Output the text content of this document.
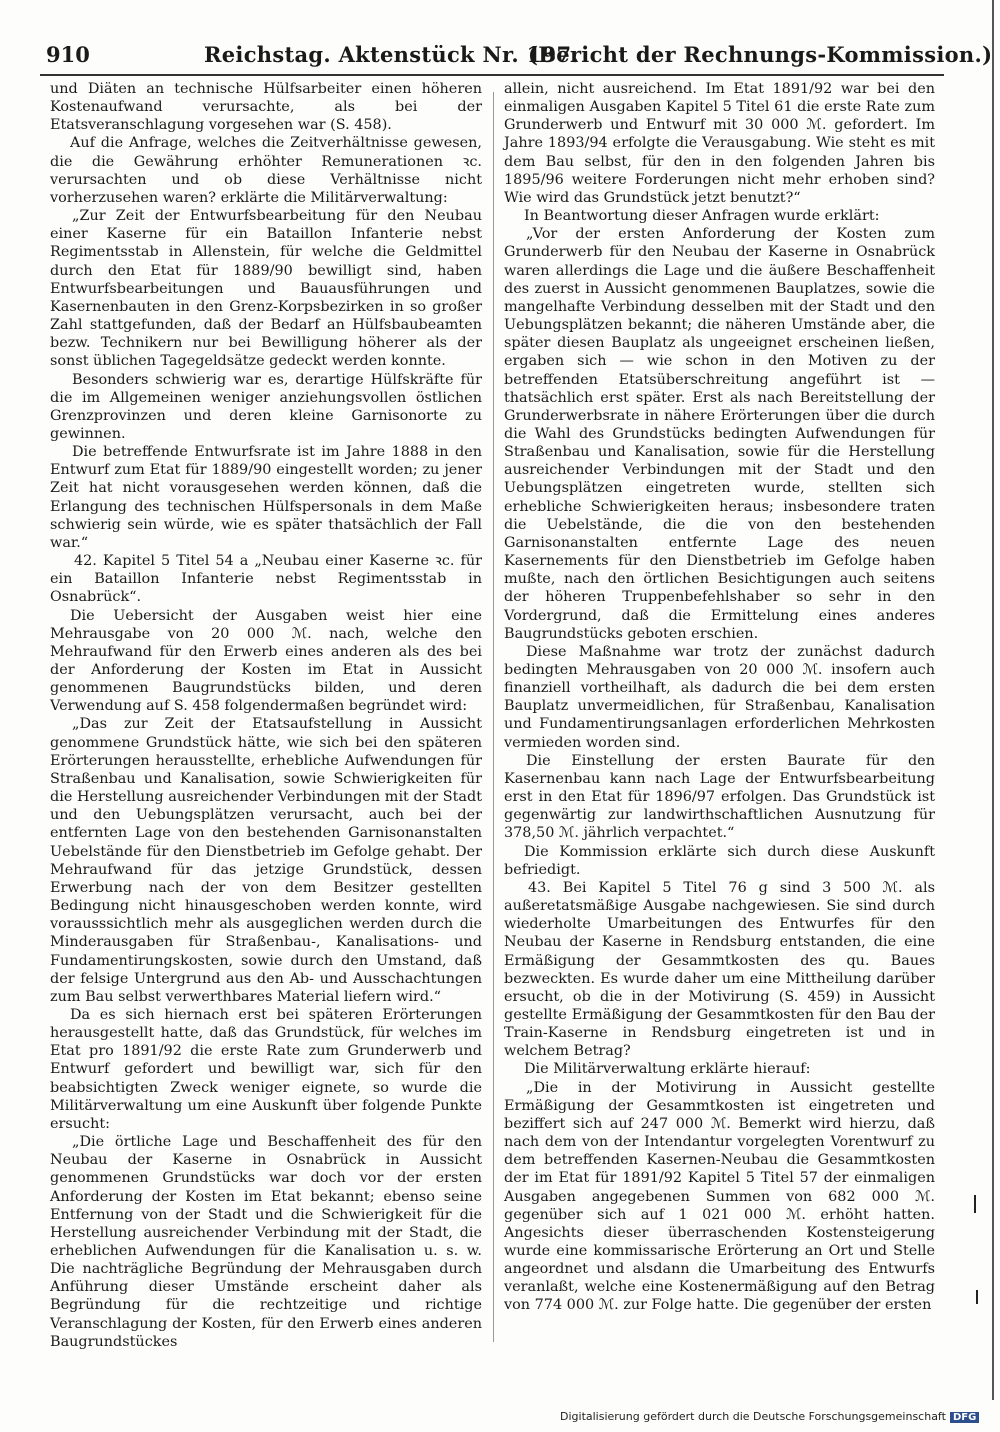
910	Reichstag. Aktenstück Nr. 197.
(Bericht der Rechnungs-Kommission.)

und Diäten an technische Hülfsarbeiter einen höheren Kostenaufwand verursachte, als bei der Etatsveranschlagung vorgesehen war (S. 458).

Auf die Anfrage, welches die Zeitverhältnisse gewesen, die die Gewährung erhöhter Remunerationen ꝛc. verursachten und ob diese Verhältnisse nicht vorherzusehen waren? erklärte die Militärverwaltung:

„Zur Zeit der Entwurfsbearbeitung für den Neubau einer Kaserne für ein Bataillon Infanterie nebst Regimentsstab in Allenstein, für welche die Geldmittel durch den Etat für 1889/90 bewilligt sind, haben Entwurfsbearbeitungen und Bauausführungen und Kasernenbauten in den Grenz-Korpsbezirken in so großer Zahl stattgefunden, daß der Bedarf an Hülfsbaubeamten bezw. Technikern nur bei Bewilligung höherer als der sonst üblichen Tagegeldsätze gedeckt werden konnte.

Besonders schwierig war es, derartige Hülfskräfte für die im Allgemeinen weniger anziehungsvollen östlichen Grenzprovinzen und deren kleine Garnisonorte zu gewinnen.

Die betreffende Entwurfsrate ist im Jahre 1888 in den Entwurf zum Etat für 1889/90 eingestellt worden; zu jener Zeit hat nicht vorausgesehen werden können, daß die Erlangung des technischen Hülfspersonals in dem Maße schwierig sein würde, wie es später thatsächlich der Fall war.“

42. Kapitel 5 Titel 54 a „Neubau einer Kaserne ꝛc. für ein Bataillon Infanterie nebst Regimentsstab in Osnabrück“.

Die Uebersicht der Ausgaben weist hier eine Mehrausgabe von 20 000 ℳ. nach, welche den Mehraufwand für den Erwerb eines anderen als des bei der Anforderung der Kosten im Etat in Aussicht genommenen Baugrundstücks bilden, und deren Verwendung auf S. 458 folgendermaßen begründet wird:

„Das zur Zeit der Etatsaufstellung in Aussicht genommene Grundstück hätte, wie sich bei den späteren Erörterungen herausstellte, erhebliche Aufwendungen für Straßenbau und Kanalisation, sowie Schwierigkeiten für die Herstellung ausreichender Verbindungen mit der Stadt und den Uebungsplätzen verursacht, auch bei der entfernten Lage von den bestehenden Garnisonanstalten Uebelstände für den Dienstbetrieb im Gefolge gehabt. Der Mehraufwand für das jetzige Grundstück, dessen Erwerbung nach der von dem Besitzer gestellten Bedingung nicht hinausgeschoben werden konnte, wird vorausssichtlich mehr als ausgeglichen werden durch die Minderausgaben für Straßenbau-, Kanalisations- und Fundamentirungskosten, sowie durch den Umstand, daß der felsige Untergrund aus den Ab- und Ausschachtungen zum Bau selbst verwerthbares Material liefern wird.“

Da es sich hiernach erst bei späteren Erörterungen herausgestellt hatte, daß das Grundstück, für welches im Etat pro 1891/92 die erste Rate zum Grunderwerb und Entwurf gefordert und bewilligt war, sich für den beabsichtigten Zweck weniger eignete, so wurde die Militärverwaltung um eine Auskunft über folgende Punkte ersucht:

„Die örtliche Lage und Beschaffenheit des für den Neubau der Kaserne in Osnabrück in Aussicht genommenen Grundstücks war doch vor der ersten Anforderung der Kosten im Etat bekannt; ebenso seine Entfernung von der Stadt und die Schwierigkeit für die Herstellung ausreichender Verbindung mit der Stadt, die erheblichen Aufwendungen für die Kanalisation u. s. w. Die nachträgliche Begründung der Mehrausgaben durch Anführung dieser Umstände erscheint daher als Begründung für die rechtzeitige und richtige Veranschlagung der Kosten, für den Erwerb eines anderen Baugrundstückes

allein, nicht ausreichend. Im Etat 1891/92 war bei den einmaligen Ausgaben Kapitel 5 Titel 61 die erste Rate zum Grunderwerb und Entwurf mit 30 000 ℳ. gefordert. Im Jahre 1893/94 erfolgte die Verausgabung. Wie steht es mit dem Bau selbst, für den in den folgenden Jahren bis 1895/96 weitere Forderungen nicht mehr erhoben sind? Wie wird das Grundstück jetzt benutzt?“

In Beantwortung dieser Anfragen wurde erklärt:

„Vor der ersten Anforderung der Kosten zum Grunderwerb für den Neubau der Kaserne in Osnabrück waren allerdings die Lage und die äußere Beschaffenheit des zuerst in Aussicht genommenen Bauplatzes, sowie die mangelhafte Verbindung desselben mit der Stadt und den Uebungsplätzen bekannt; die näheren Umstände aber, die später diesen Bauplatz als ungeeignet erscheinen ließen, ergaben sich — wie schon in den Motiven zu der betreffenden Etatsüberschreitung angeführt ist — thatsächlich erst später. Erst als nach Bereitstellung der Grunderwerbsrate in nähere Erörterungen über die durch die Wahl des Grundstücks bedingten Aufwendungen für Straßenbau und Kanalisation, sowie für die Herstellung ausreichender Verbindungen mit der Stadt und den Uebungsplätzen eingetreten wurde, stellten sich erhebliche Schwierigkeiten heraus; insbesondere traten die Uebelstände, die die von den bestehenden Garnisonanstalten entfernte Lage des neuen Kasernements für den Dienstbetrieb im Gefolge haben mußte, nach den örtlichen Besichtigungen auch seitens der höheren Truppenbefehlshaber so sehr in den Vordergrund, daß die Ermittelung eines anderes Baugrundstücks geboten erschien.

Diese Maßnahme war trotz der zunächst dadurch bedingten Mehrausgaben von 20 000 ℳ. insofern auch finanziell vortheilhaft, als dadurch die bei dem ersten Bauplatz unvermeidlichen, für Straßenbau, Kanalisation und Fundamentirungsanlagen erforderlichen Mehrkosten vermieden worden sind.

Die Einstellung der ersten Baurate für den Kasernenbau kann nach Lage der Entwurfsbearbeitung erst in den Etat für 1896/97 erfolgen. Das Grundstück ist gegenwärtig zur landwirthschaftlichen Ausnutzung für 378,50 ℳ. jährlich verpachtet.“

Die Kommission erklärte sich durch diese Auskunft befriedigt.

43. Bei Kapitel 5 Titel 76 g sind 3 500 ℳ. als außeretatsmäßige Ausgabe nachgewiesen. Sie sind durch wiederholte Umarbeitungen des Entwurfes für den Neubau der Kaserne in Rendsburg entstanden, die eine Ermäßigung der Gesammtkosten des qu. Baues bezweckten. Es wurde daher um eine Mittheilung darüber ersucht, ob die in der Motivirung (S. 459) in Aussicht gestellte Ermäßigung der Gesammtkosten für den Bau der Train-Kaserne in Rendsburg eingetreten ist und in welchem Betrag?

Die Militärverwaltung erklärte hierauf:

„Die in der Motivirung in Aussicht gestellte Ermäßigung der Gesammtkosten ist eingetreten und beziffert sich auf 247 000 ℳ. Bemerkt wird hierzu, daß nach dem von der Intendantur vorgelegten Vorentwurf zu dem betreffenden Kasernen-Neubau die Gesammtkosten der im Etat für 1891/92 Kapitel 5 Titel 57 der einmaligen Ausgaben angegebenen Summen von 682 000 ℳ. gegenüber sich auf 1 021 000 ℳ. erhöht hatten. Angesichts dieser überraschenden Kostensteigerung wurde eine kommissarische Erörterung an Ort und Stelle angeordnet und alsdann die Umarbeitung des Entwurfs veranlaßt, welche eine Kostenermäßigung auf den Betrag von 774 000 ℳ. zur Folge hatte. Die gegenüber der ersten

Digitalisierung gefördert durch die Deutsche Forschungsgemeinschaft DFG
